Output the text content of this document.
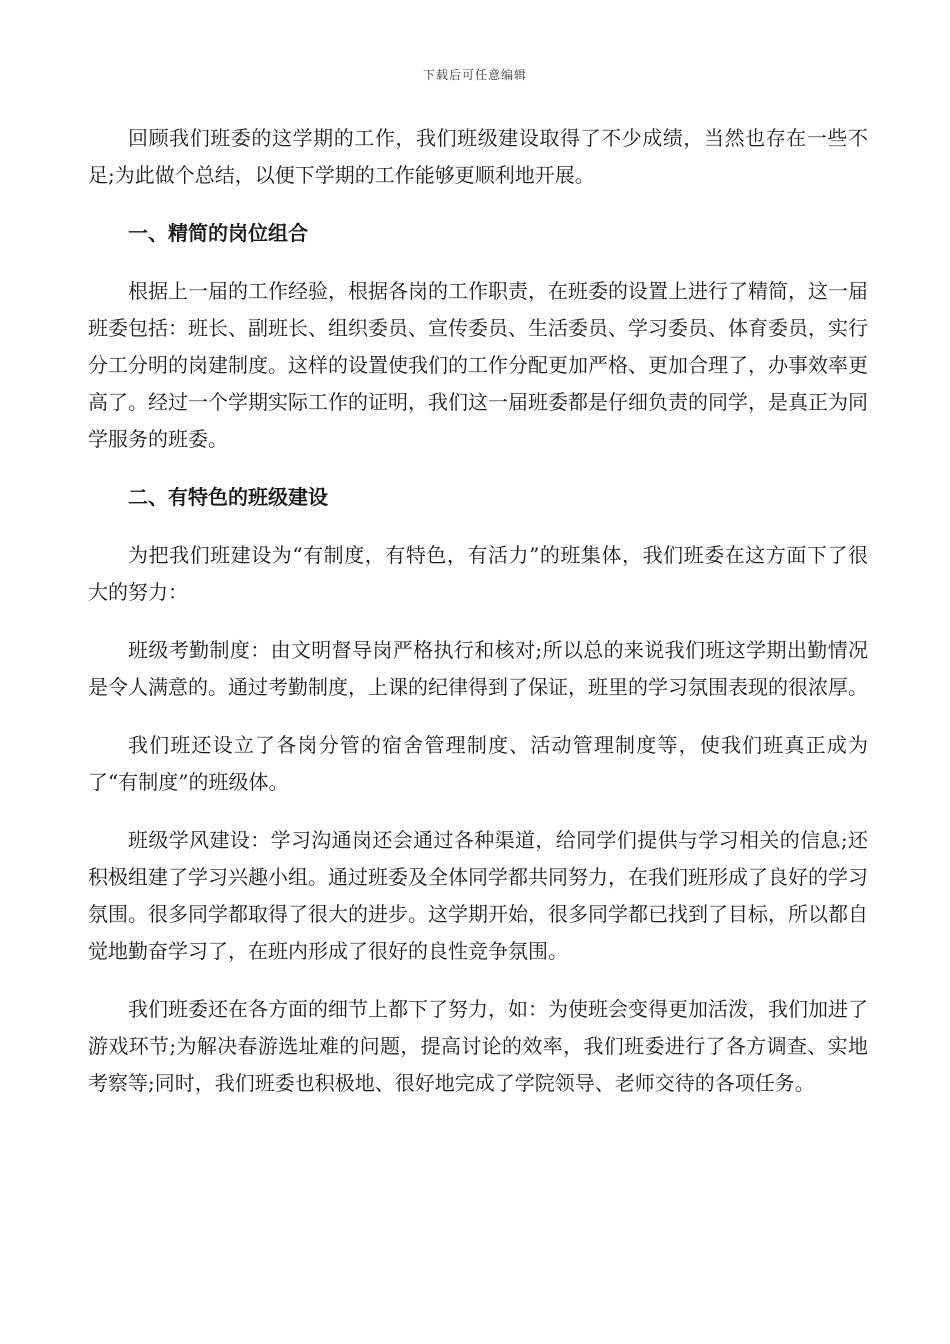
下载后可任意编辑

回顾我们班委的这学期的工作，我们班级建设取得了不少成绩，当然也存在一些不足;为此做个总结，以便下学期的工作能够更顺利地开展。

一、精简的岗位组合

根据上一届的工作经验，根据各岗的工作职责，在班委的设置上进行了精简，这一届班委包括：班长、副班长、组织委员、宣传委员、生活委员、学习委员、体育委员，实行分工分明的岗建制度。这样的设置使我们的工作分配更加严格、更加合理了，办事效率更高了。经过一个学期实际工作的证明，我们这一届班委都是仔细负责的同学，是真正为同学服务的班委。

二、有特色的班级建设

为把我们班建设为“有制度，有特色，有活力”的班集体，我们班委在这方面下了很大的努力：

班级考勤制度：由文明督导岗严格执行和核对;所以总的来说我们班这学期出勤情况是令人满意的。通过考勤制度，上课的纪律得到了保证，班里的学习氛围表现的很浓厚。

我们班还设立了各岗分管的宿舍管理制度、活动管理制度等，使我们班真正成为了“有制度”的班级体。

班级学风建设：学习沟通岗还会通过各种渠道，给同学们提供与学习相关的信息;还积极组建了学习兴趣小组。通过班委及全体同学都共同努力，在我们班形成了良好的学习氛围。很多同学都取得了很大的进步。这学期开始，很多同学都已找到了目标，所以都自觉地勤奋学习了，在班内形成了很好的良性竞争氛围。

我们班委还在各方面的细节上都下了努力，如：为使班会变得更加活泼，我们加进了游戏环节;为解决春游选址难的问题，提高讨论的效率，我们班委进行了各方调查、实地考察等;同时，我们班委也积极地、很好地完成了学院领导、老师交待的各项任务。
